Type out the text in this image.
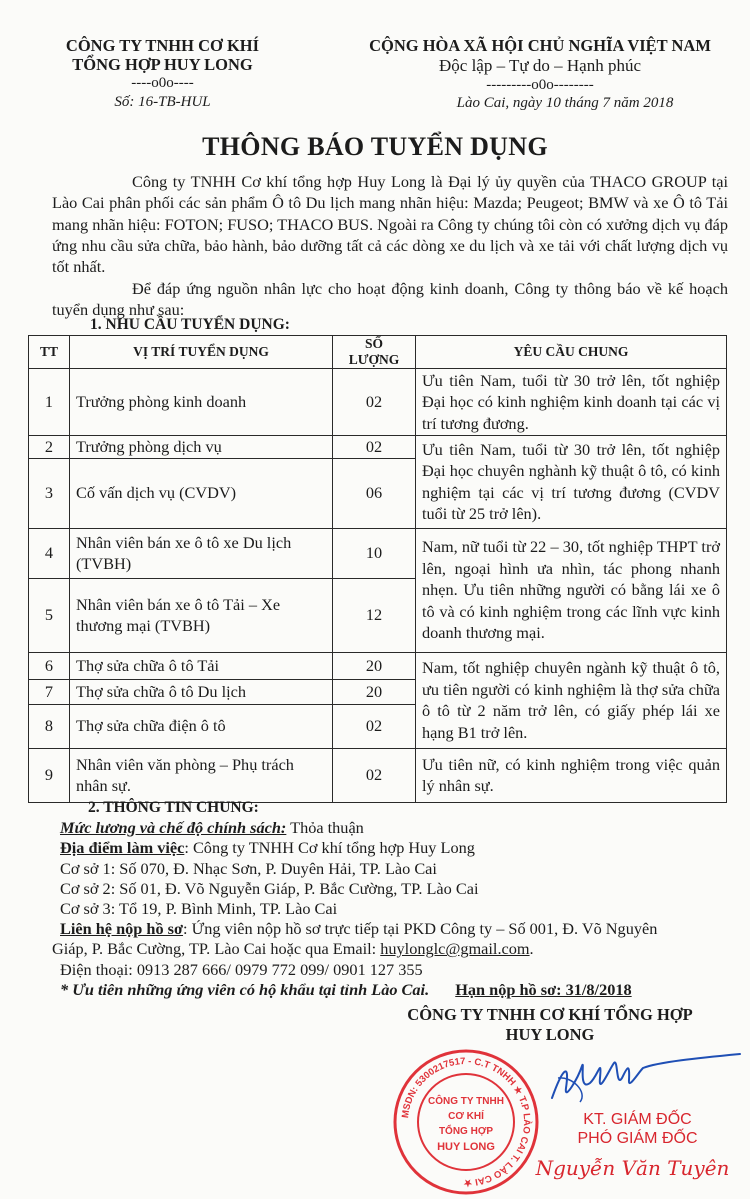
CÔNG TY TNHH CƠ KHÍ
TỔNG HỢP HUY LONG
----o0o----
Số: 16-TB-HUL
CỘNG HÒA XÃ HỘI CHỦ NGHĨA VIỆT NAM
Độc lập – Tự do – Hạnh phúc
---------o0o--------
Lào Cai, ngày 10 tháng 7 năm 2018
THÔNG BÁO TUYỂN DỤNG
Công ty TNHH Cơ khí tổng hợp Huy Long là Đại lý ủy quyền của THACO GROUP tại Lào Cai phân phối các sản phẩm Ô tô Du lịch mang nhãn hiệu: Mazda; Peugeot; BMW và xe Ô tô Tải mang nhãn hiệu: FOTON; FUSO; THACO BUS. Ngoài ra Công ty chúng tôi còn có xưởng dịch vụ đáp ứng nhu cầu sửa chữa, bảo hành, bảo dưỡng tất cả các dòng xe du lịch và xe tải với chất lượng dịch vụ tốt nhất.
Để đáp ứng nguồn nhân lực cho hoạt động kinh doanh, Công ty thông báo về kế hoạch tuyển dụng như sau:
1. NHU CẦU TUYỂN DỤNG:
TT	VỊ TRÍ TUYỂN DỤNG	SỐ LƯỢNG	YÊU CẦU CHUNG
1	Trưởng phòng kinh doanh	02	Ưu tiên Nam, tuổi từ 30 trở lên, tốt nghiệp Đại học có kinh nghiệm kinh doanh tại các vị trí tương đương.
2	Trưởng phòng dịch vụ	02	Ưu tiên Nam, tuổi từ 30 trở lên, tốt nghiệp Đại học chuyên nghành kỹ thuật ô tô, có kinh nghiệm tại các vị trí tương đương (CVDV tuổi từ 25 trở lên).
3	Cố vấn dịch vụ (CVDV)	06	
4	Nhân viên bán xe ô tô xe Du lịch (TVBH)	10	Nam, nữ tuổi từ 22 – 30, tốt nghiệp THPT trở lên, ngoại hình ưa nhìn, tác phong nhanh nhẹn. Ưu tiên những người có bằng lái xe ô tô và có kinh nghiệm trong các lĩnh vực kinh doanh thương mại.
5	Nhân viên bán xe ô tô Tải – Xe thương mại (TVBH)	12	
6	Thợ sửa chữa ô tô Tải	20	Nam, tốt nghiệp chuyên ngành kỹ thuật ô tô, ưu tiên người có kinh nghiệm là thợ sửa chữa ô tô từ 2 năm trở lên, có giấy phép lái xe hạng B1 trở lên.
7	Thợ sửa chữa ô tô Du lịch	20	
8	Thợ sửa chữa điện ô tô	02	
9	Nhân viên văn phòng – Phụ trách nhân sự.	02	Ưu tiên nữ, có kinh nghiệm trong việc quản lý nhân sự.
2. THÔNG TIN CHUNG:
Mức lương và chế độ chính sách: Thỏa thuận
Địa điểm làm việc: Công ty TNHH Cơ khí tổng hợp Huy Long
Cơ sở 1: Số 070, Đ. Nhạc Sơn, P. Duyên Hải, TP. Lào Cai
Cơ sở 2: Số 01, Đ. Võ Nguyễn Giáp, P. Bắc Cường, TP. Lào Cai
Cơ sở 3: Tổ 19, P. Bình Minh, TP. Lào Cai
Liên hệ nộp hồ sơ: Ứng viên nộp hồ sơ trực tiếp tại PKD Công ty – Số 001, Đ. Võ Nguyên
Giáp, P. Bắc Cường, TP. Lào Cai hoặc qua Email: huylonglc@gmail.com.
Điện thoại: 0913 287 666/ 0979 772 099/ 0901 127 355
* Ưu tiên những ứng viên có hộ khẩu tại tỉnh Lào Cai. Hạn nộp hồ sơ: 31/8/2018
CÔNG TY TNHH CƠ KHÍ TỔNG HỢP
HUY LONG
MSDN: 5300217517 - C.T TNHH ★ T.P LÀO CAI T. LÀO CAI ★
CÔNG TY TNHH
CƠ KHÍ
TỔNG HỢP
HUY LONG
KT. GIÁM ĐỐC
PHÓ GIÁM ĐỐC
Nguyễn Văn Tuyên
